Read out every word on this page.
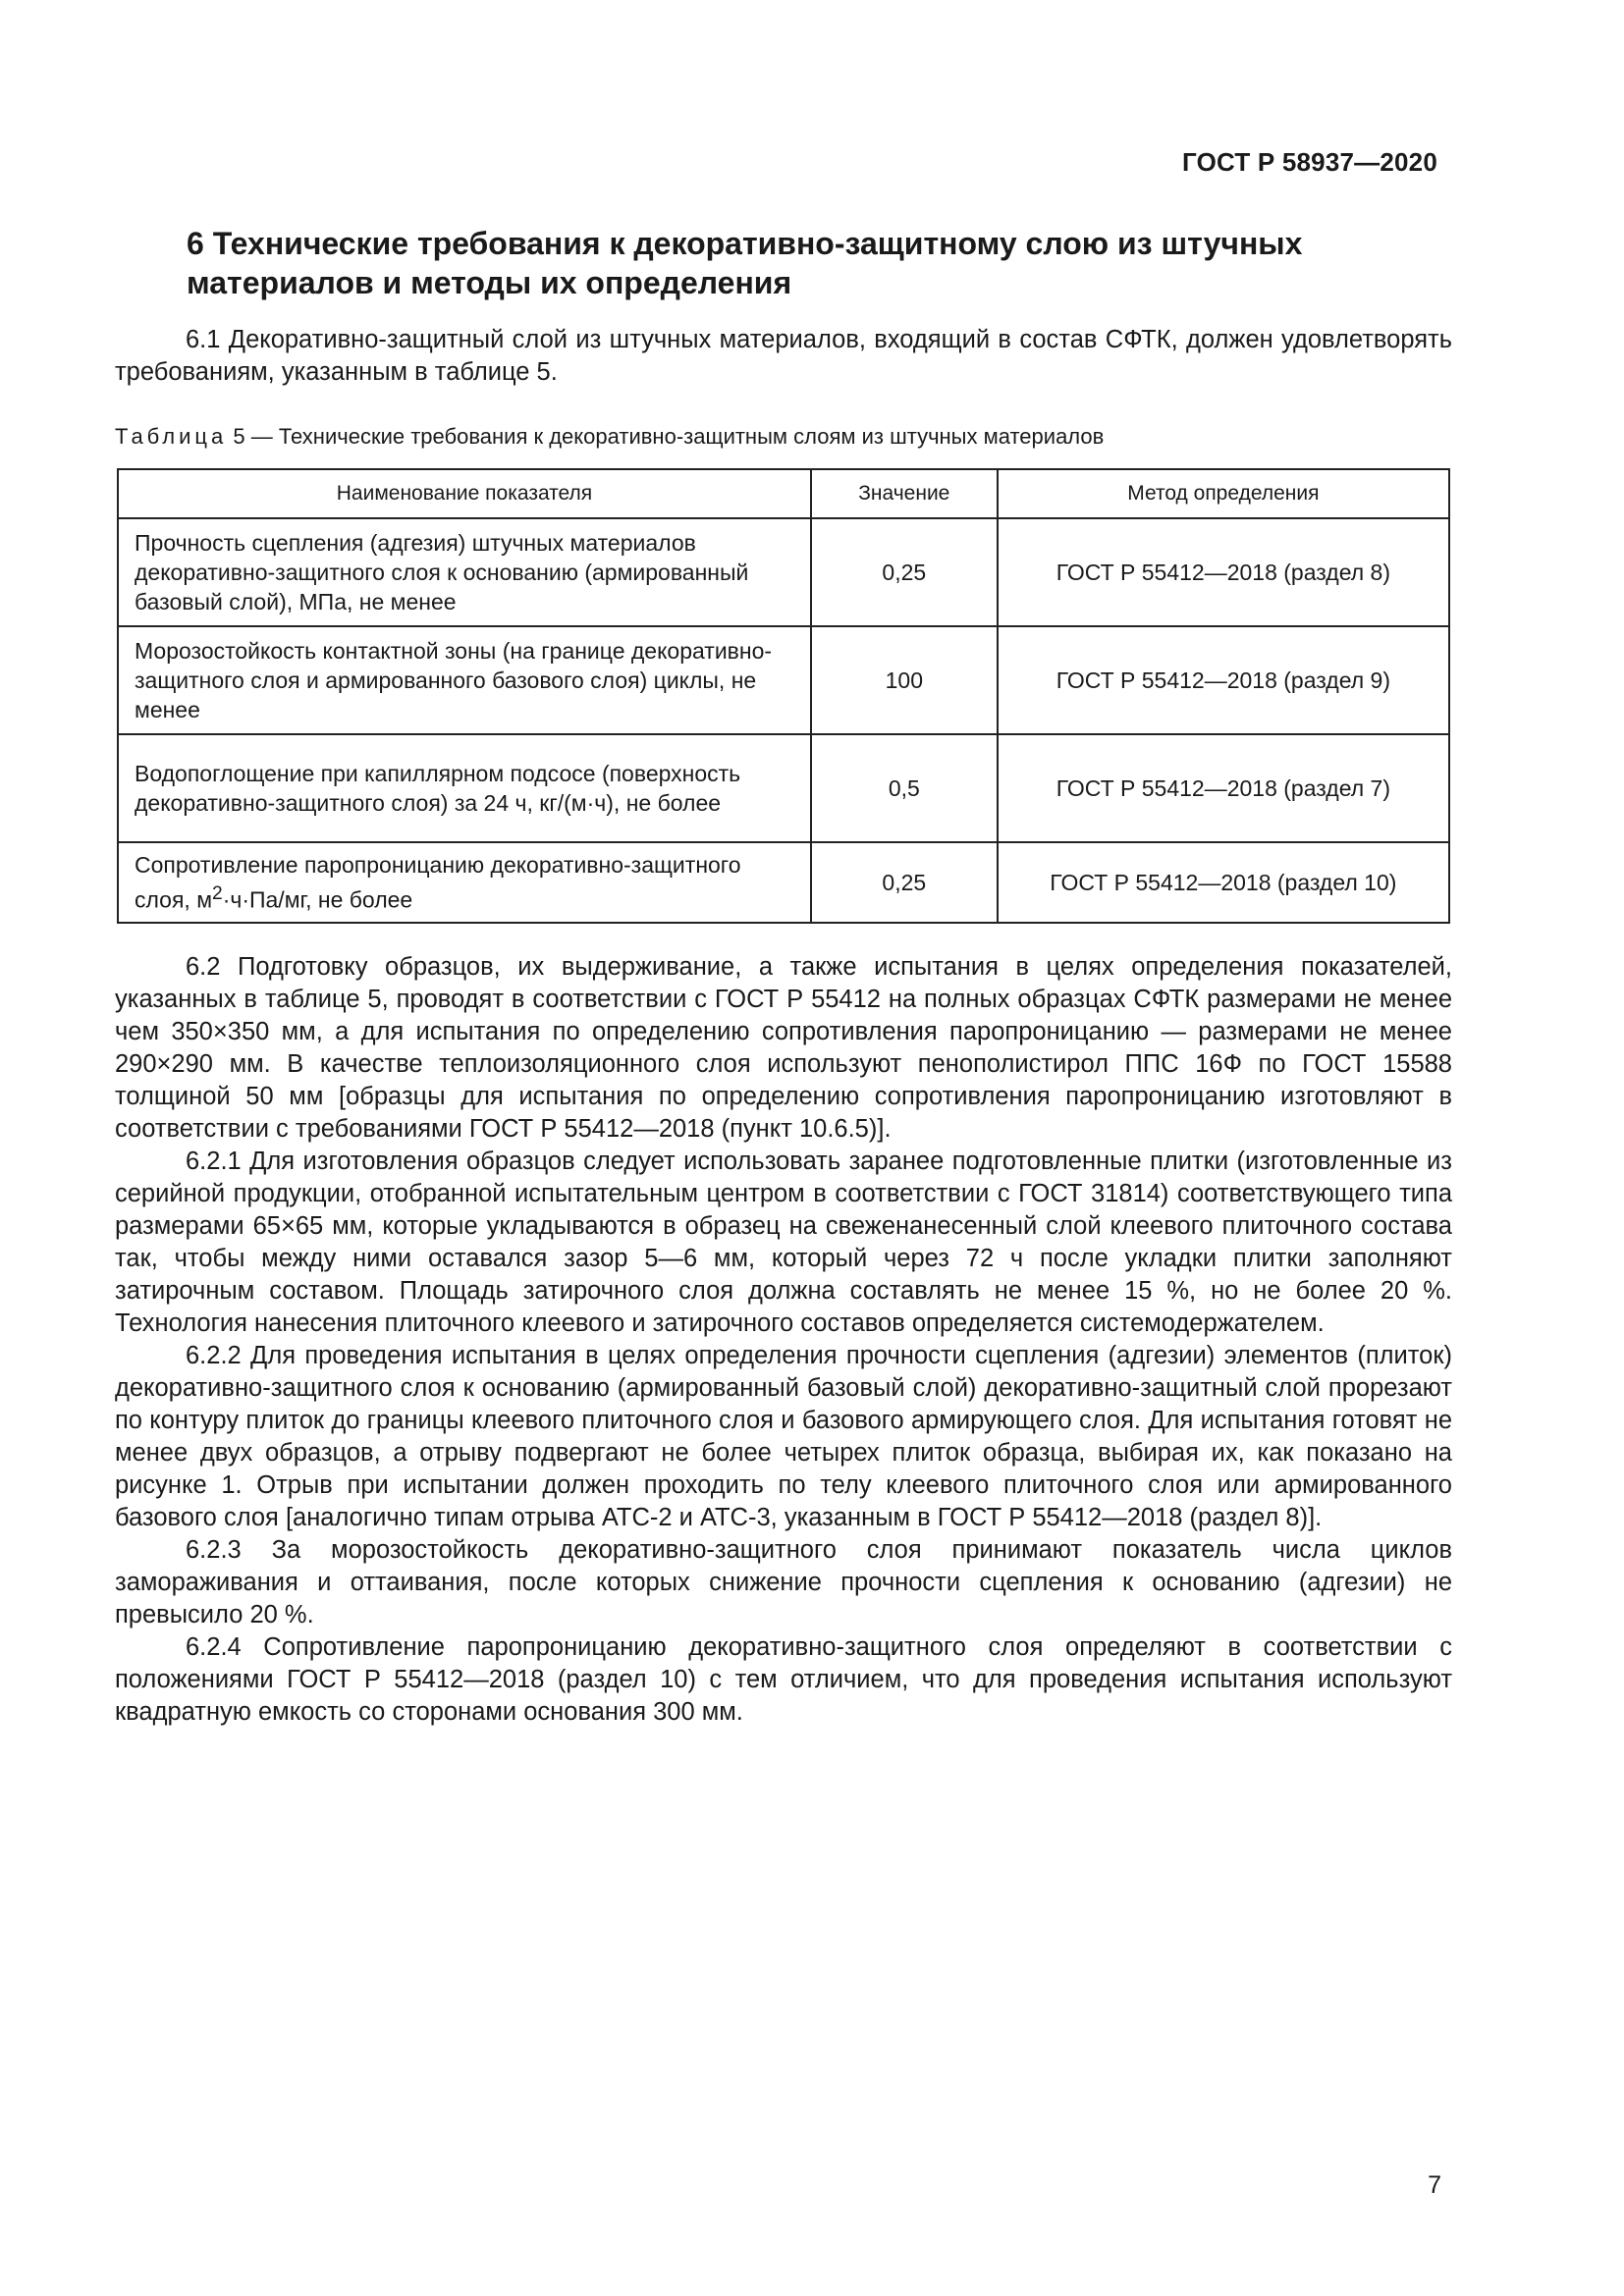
ГОСТ Р 58937—2020
6 Технические требования к декоративно-защитному слою из штучных
материалов и методы их определения

6.1 Декоративно-защитный слой из штучных материалов, входящий в состав СФТК, должен удовлетворять требованиям, указанным в таблице 5.

Таблица 5 — Технические требования к декоративно-защитным слоям из штучных материалов
Наименование показателя	Значение	Метод определения
Прочность сцепления (адгезия) штучных материалов декоративно-защитного слоя к основанию (армированный базовый слой), МПа, не менее	0,25	ГОСТ Р 55412—2018 (раздел 8)
Морозостойкость контактной зоны (на границе декоративно-защитного слоя и армированного базового слоя) циклы, не менее	100	ГОСТ Р 55412—2018 (раздел 9)
Водопоглощение при капиллярном подсосе (поверхность декоративно-защитного слоя) за 24 ч, кг/(м·ч), не более	0,5	ГОСТ Р 55412—2018 (раздел 7)
Сопротивление паропроницанию декоративно-защитного слоя, $м^2\cdot ч\cdot Па/мг$, не более	0,25	ГОСТ Р 55412—2018 (раздел 10)

6.2 Подготовку образцов, их выдерживание, а также испытания в целях определения показателей, указанных в таблице 5, проводят в соответствии с ГОСТ Р 55412 на полных образцах СФТК размерами не менее чем 350×350 мм, а для испытания по определению сопротивления паропроницанию — размерами не менее 290×290 мм. В качестве теплоизоляционного слоя используют пенополистирол ППС 16Ф по ГОСТ 15588 толщиной 50 мм [образцы для испытания по определению сопротивления паропроницанию изготовляют в соответствии с требованиями ГОСТ Р 55412—2018 (пункт 10.6.5)].

6.2.1 Для изготовления образцов следует использовать заранее подготовленные плитки (изготовленные из серийной продукции, отобранной испытательным центром в соответствии с ГОСТ 31814) соответствующего типа размерами 65×65 мм, которые укладываются в образец на свеженанесенный слой клеевого плиточного состава так, чтобы между ними оставался зазор 5—6 мм, который через 72 ч после укладки плитки заполняют затирочным составом. Площадь затирочного слоя должна составлять не менее 15 %, но не более 20 %. Технология нанесения плиточного клеевого и затирочного составов определяется системодержателем.

6.2.2 Для проведения испытания в целях определения прочности сцепления (адгезии) элементов (плиток) декоративно-защитного слоя к основанию (армированный базовый слой) декоративно-защитный слой прорезают по контуру плиток до границы клеевого плиточного слоя и базового армирующего слоя. Для испытания готовят не менее двух образцов, а отрыву подвергают не более четырех плиток образца, выбирая их, как показано на рисунке 1. Отрыв при испытании должен проходить по телу клеевого плиточного слоя или армированного базового слоя [аналогично типам отрыва АТС-2 и АТС-3, указанным в ГОСТ Р 55412—2018 (раздел 8)].

6.2.3 За морозостойкость декоративно-защитного слоя принимают показатель числа циклов замораживания и оттаивания, после которых снижение прочности сцепления к основанию (адгезии) не превысило 20 %.

6.2.4 Сопротивление паропроницанию декоративно-защитного слоя определяют в соответствии с положениями ГОСТ Р 55412—2018 (раздел 10) с тем отличием, что для проведения испытания используют квадратную емкость со сторонами основания 300 мм.

7
